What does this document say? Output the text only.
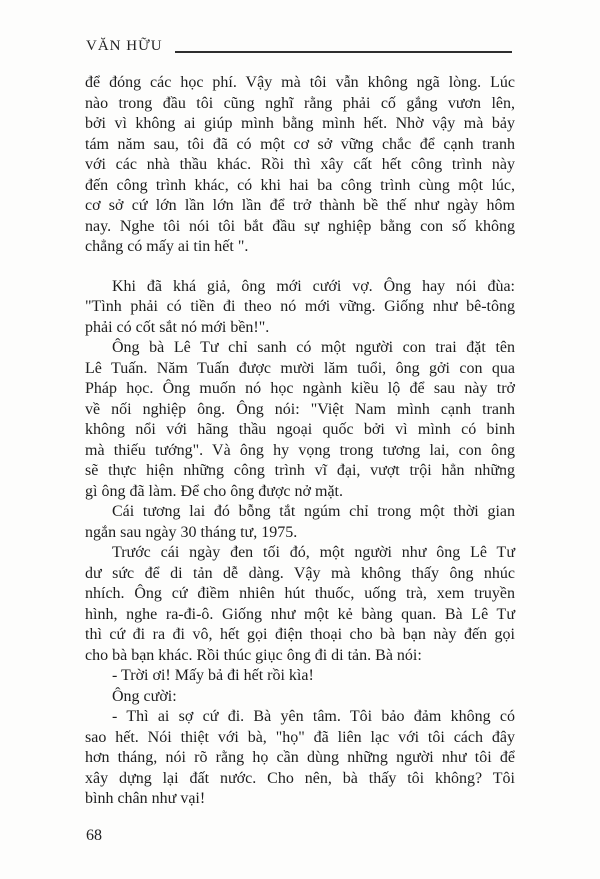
VĂN HỮU
để đóng các học phí. Vậy mà tôi vẫn không ngã lòng. Lúc
nào trong đầu tôi cũng nghĩ rằng phải cố gắng vươn lên,
bởi vì không ai giúp mình bằng mình hết. Nhờ vậy mà bảy
tám năm sau, tôi đã có một cơ sở vững chắc để cạnh tranh
với các nhà thầu khác. Rồi thì xây cất hết công trình này
đến công trình khác, có khi hai ba công trình cùng một lúc,
cơ sở cứ lớn lần lớn lần để trở thành bề thế như ngày hôm
nay. Nghe tôi nói tôi bắt đầu sự nghiệp bằng con số không
chẳng có mấy ai tin hết ".
Khi đã khá giả, ông mới cưới vợ. Ông hay nói đùa:
"Tình phải có tiền đi theo nó mới vững. Giống như bê-tông
phải có cốt sắt nó mới bền!".
Ông bà Lê Tư chỉ sanh có một người con trai đặt tên
Lê Tuấn. Năm Tuấn được mười lăm tuổi, ông gởi con qua
Pháp học. Ông muốn nó học ngành kiều lộ để sau này trở
về nối nghiệp ông. Ông nói: "Việt Nam mình cạnh tranh
không nổi với hãng thầu ngoại quốc bởi vì mình có binh
mà thiếu tướng". Và ông hy vọng trong tương lai, con ông
sẽ thực hiện những công trình vĩ đại, vượt trội hẳn những
gì ông đã làm. Để cho ông được nở mặt.
Cái tương lai đó bỗng tắt ngúm chỉ trong một thời gian
ngắn sau ngày 30 tháng tư, 1975.
Trước cái ngày đen tối đó, một người như ông Lê Tư
dư sức để di tản dễ dàng. Vậy mà không thấy ông nhúc
nhích. Ông cứ điềm nhiên hút thuốc, uống trà, xem truyền
hình, nghe ra-đi-ô. Giống như một kẻ bàng quan. Bà Lê Tư
thì cứ đi ra đi vô, hết gọi điện thoại cho bà bạn này đến gọi
cho bà bạn khác. Rồi thúc giục ông đi di tản. Bà nói:
- Trời ơi! Mấy bả đi hết rồi kìa!
Ông cười:
- Thì ai sợ cứ đi. Bà yên tâm. Tôi bảo đảm không có
sao hết. Nói thiệt với bà, "họ" đã liên lạc với tôi cách đây
hơn tháng, nói rõ rằng họ cần dùng những người như tôi để
xây dựng lại đất nước. Cho nên, bà thấy tôi không? Tôi
bình chân như vại!
68
